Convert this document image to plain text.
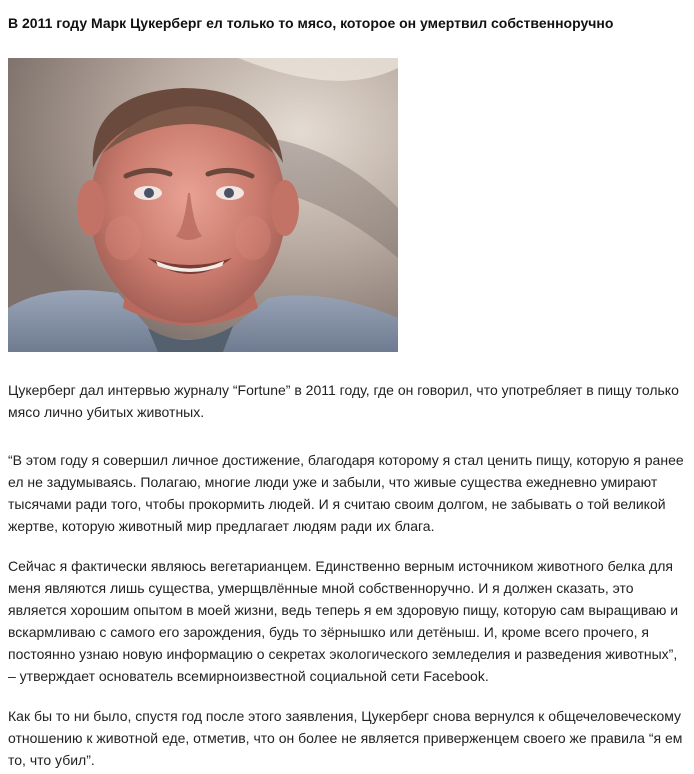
В 2011 году Марк Цукерберг ел только то мясо, которое он умертвил собственноручно

Цукерберг дал интервью журналу “Fortune” в 2011 году, где он говорил, что употребляет в пищу только мясо лично убитых животных.

“В этом году я совершил личное достижение, благодаря которому я стал ценить пищу, которую я ранее ел не задумываясь. Полагаю, многие люди уже и забыли, что живые существа ежедневно умирают тысячами ради того, чтобы прокормить людей. И я считаю своим долгом, не забывать о той великой жертве, которую животный мир предлагает людям ради их блага.

Сейчас я фактически являюсь вегетарианцем. Единственно верным источником животного белка для меня являются лишь существа, умерщвлённые мной собственноручно. И я должен сказать, это является хорошим опытом в моей жизни, ведь теперь я ем здоровую пищу, которую сам выращиваю и вскармливаю с самого его зарождения, будь то зёрнышко или детёныш. И, кроме всего прочего, я постоянно узнаю новую информацию о секретах экологического земледелия и разведения животных”, – утверждает основатель всемирноизвестной социальной сети Facebook.

Как бы то ни было, спустя год после этого заявления, Цукерберг снова вернулся к общечеловеческому отношению к животной еде, отметив, что он более не является приверженцем своего же правила “я ем то, что убил”.
